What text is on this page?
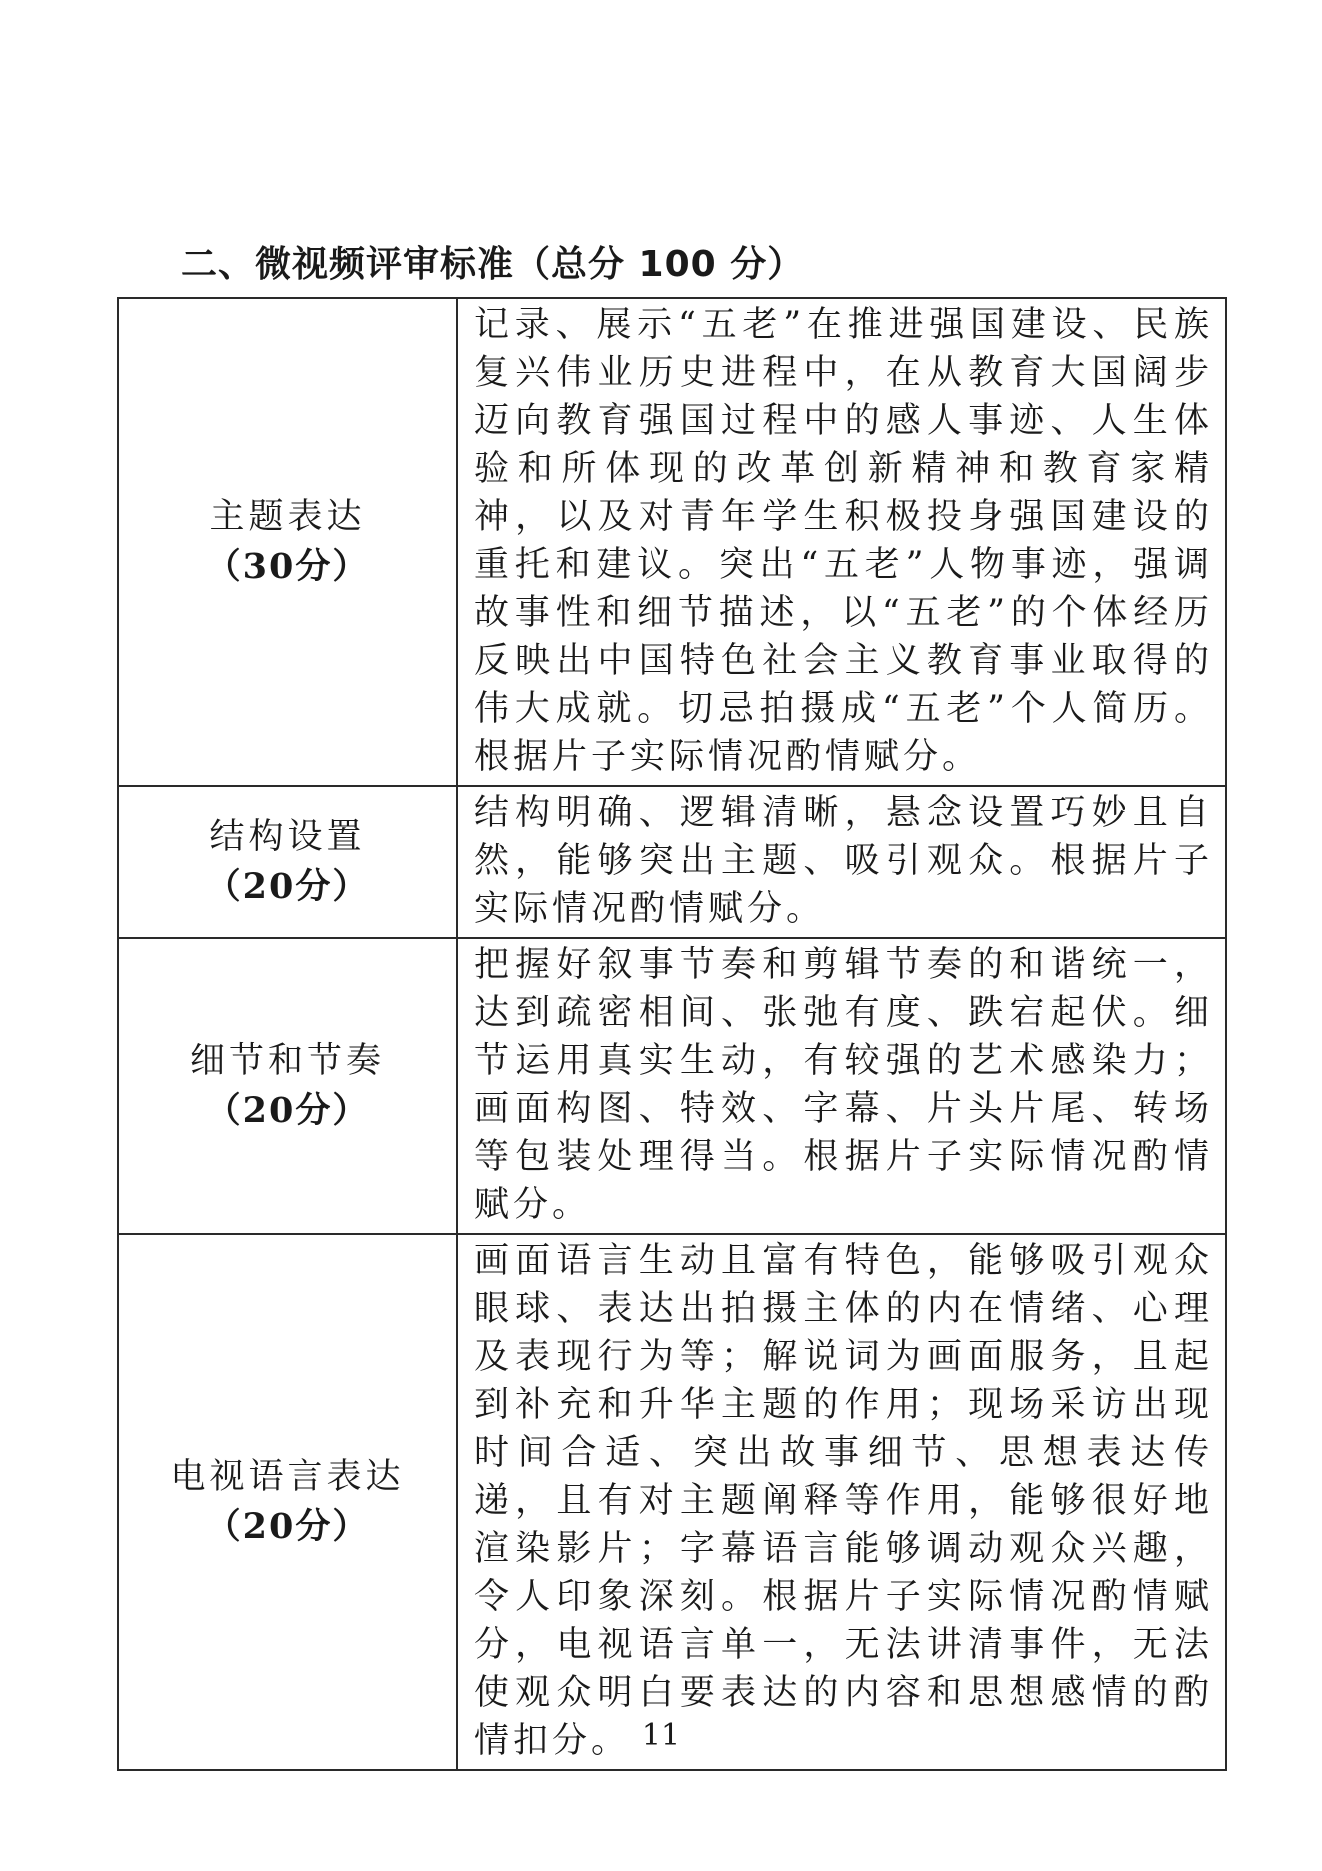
二、微视频评审标准（总分 100 分）
主题表达
（30分）	记录、展示“五老”在推进强国建设、民族复兴伟业历史进程中，在从教育大国阔步迈向教育强国过程中的感人事迹、人生体验和所体现的改革创新精神和教育家精神，以及对青年学生积极投身强国建设的重托和建议。突出“五老”人物事迹，强调故事性和细节描述，以“五老”的个体经历反映出中国特色社会主义教育事业取得的伟大成就。切忌拍摄成“五老”个人简历。根据片子实际情况酌情赋分。

结构设置
（20分）	结构明确、逻辑清晰，悬念设置巧妙且自然，能够突出主题、吸引观众。根据片子实际情况酌情赋分。

细节和节奏
（20分）	把握好叙事节奏和剪辑节奏的和谐统一，达到疏密相间、张弛有度、跌宕起伏。细节运用真实生动，有较强的艺术感染力；画面构图、特效、字幕、片头片尾、转场等包装处理得当。根据片子实际情况酌情赋分。

电视语言表达
（20分）	画面语言生动且富有特色，能够吸引观众眼球、表达出拍摄主体的内在情绪、心理及表现行为等；解说词为画面服务，且起到补充和升华主题的作用；现场采访出现时间合适、突出故事细节、思想表达传递，且有对主题阐释等作用，能够很好地渲染影片；字幕语言能够调动观众兴趣，令人印象深刻。根据片子实际情况酌情赋分，电视语言单一，无法讲清事件，无法使观众明白要表达的内容和思想感情的酌情扣分。 11
